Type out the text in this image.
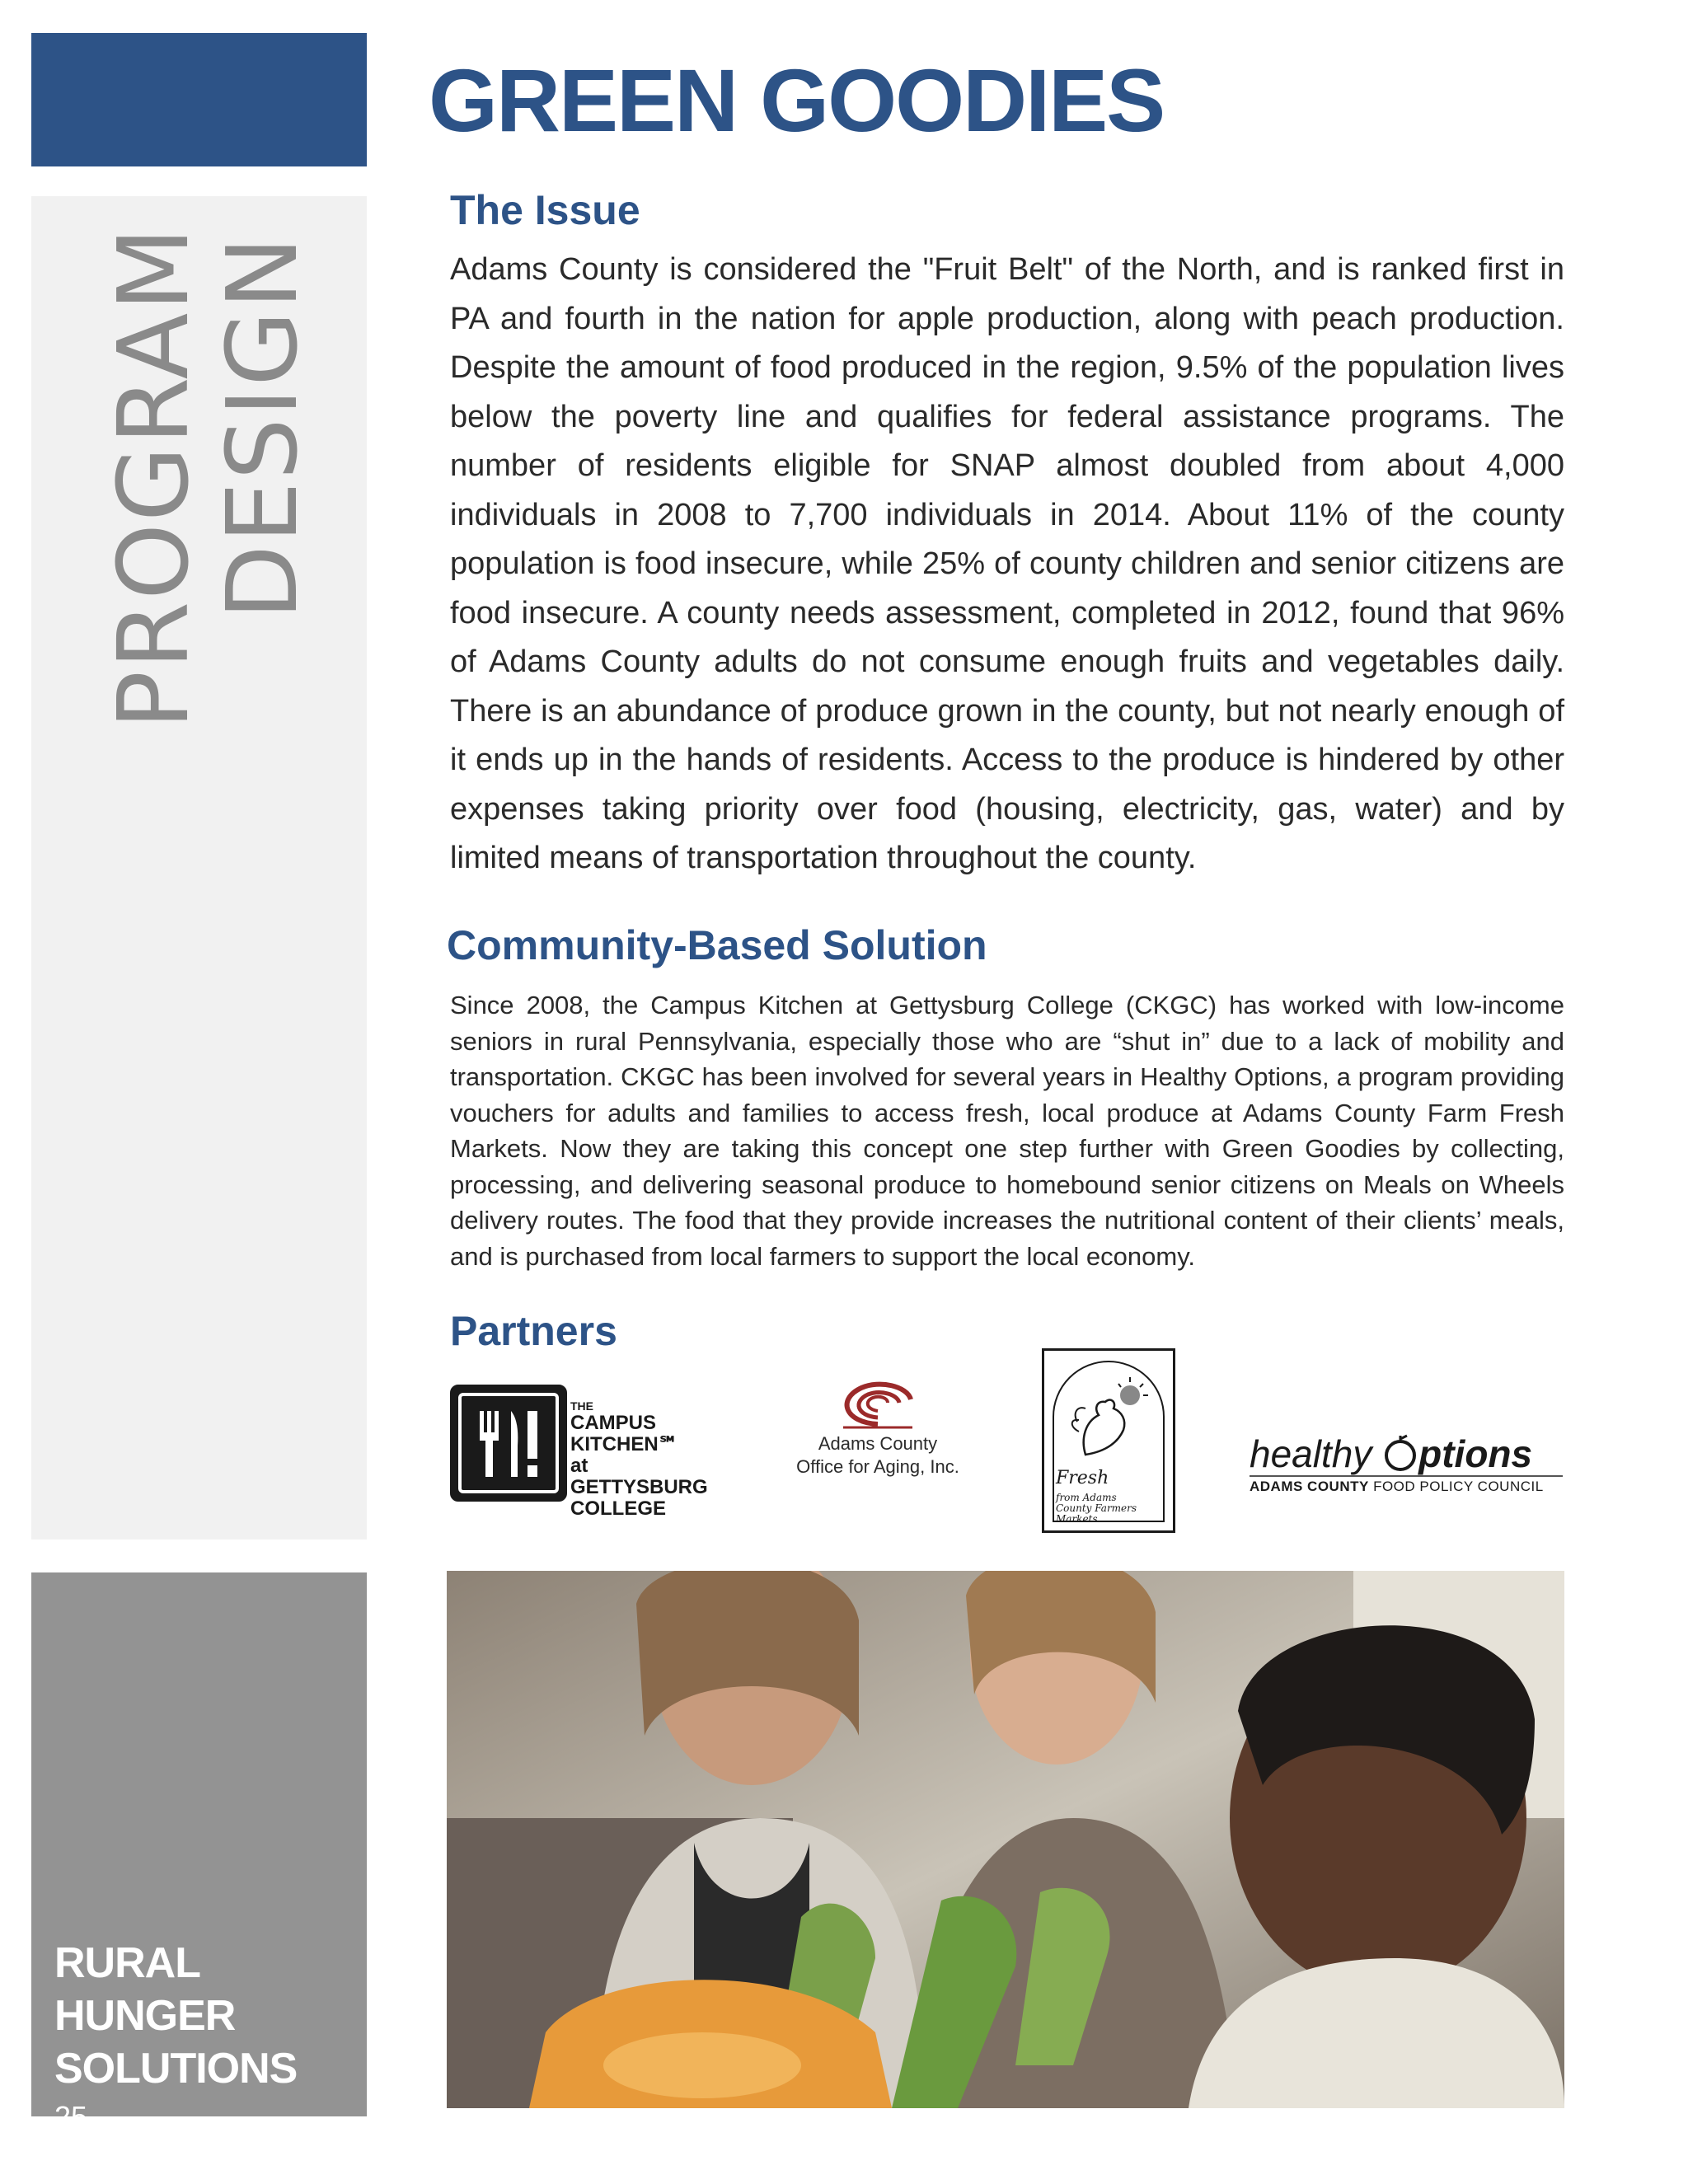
PROGRAM
DESIGN
RURAL HUNGER
SOLUTIONS
25
GREEN GOODIES
The Issue
Adams County is considered the "Fruit Belt" of the North, and is ranked first in PA and fourth in the nation for apple production, along with peach production. Despite the amount of food produced in the region, 9.5% of the population lives below the poverty line and qualifies for federal assistance programs. The number of residents eligible for SNAP almost doubled from about 4,000 individuals in 2008 to 7,700 individuals in 2014. About 11% of the county population is food insecure, while 25% of county children and senior citizens are food insecure. A county needs assessment, completed in 2012, found that 96% of Adams County adults do not consume enough fruits and vegetables daily. There is an abundance of produce grown in the county, but not nearly enough of it ends up in the hands of residents. Access to the produce is hindered by other expenses taking priority over food (housing, electricity, gas, water) and by limited means of transportation throughout the county.
Community-Based Solution
Since 2008, the Campus Kitchen at Gettysburg College (CKGC) has worked with low-income seniors in rural Pennsylvania, especially those who are “shut in” due to a lack of mobility and transportation. CKGC has been involved for several years in Healthy Options, a program providing vouchers for adults and families to access fresh, local produce at Adams County Farm Fresh Markets. Now they are taking this concept one step further with Green Goodies by collecting, processing, and delivering seasonal produce to homebound senior citizens on Meals on Wheels delivery routes. The food that they provide increases the nutritional content of their clients’ meals, and is purchased from local farmers to support the local economy.
Partners
THE
CAMPUS KITCHEN℠
at GETTYSBURG
COLLEGE
Adams County
Office for Aging, Inc.
Fresh
from Adams County Farmers Markets
healthy ptions
ADAMS COUNTY FOOD POLICY COUNCIL
